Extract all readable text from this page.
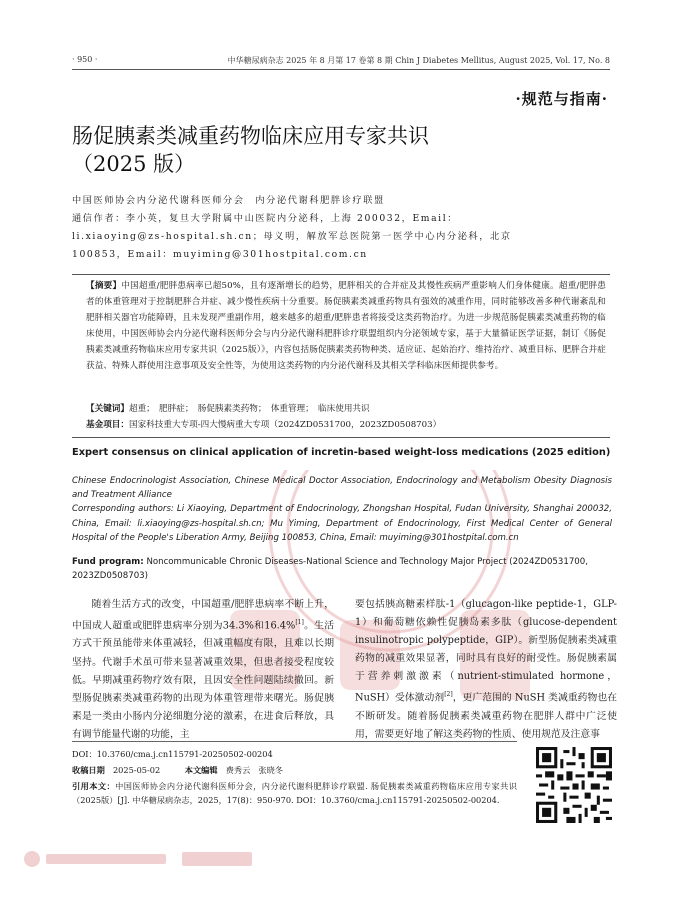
· 950 ·	中华糖尿病杂志 2025 年 8 月第 17 卷第 8 期 Chin J Diabetes Mellitus, August 2025, Vol. 17, No. 8
·规范与指南·
肠促胰素类减重药物临床应用专家共识
（2025 版）
中国医师协会内分泌代谢科医师分会　内分泌代谢科肥胖诊疗联盟
通信作者：李小英，复旦大学附属中山医院内分泌科，上海 200032，Email：
li.xiaoying@zs-hospital.sh.cn；母义明，解放军总医院第一医学中心内分泌科，北京
100853，Email：muyiming@301hostpital.com.cn
【摘要】中国超重/肥胖患病率已超50%，且有逐渐增长的趋势，肥胖相关的合并症及其慢性疾病严重影响人们身体健康。超重/肥胖患者的体重管理对于控制肥胖合并症、减少慢性疾病十分重要。肠促胰素类减重药物具有强效的减重作用，同时能够改善多种代谢紊乱和肥胖相关器官功能障碍，且未发现严重副作用，越来越多的超重/肥胖患者将接受这类药物治疗。为进一步规范肠促胰素类减重药物的临床使用，中国医师协会内分泌代谢科医师分会与内分泌代谢科肥胖诊疗联盟组织内分泌领域专家，基于大量循证医学证据，制订《肠促胰素类减重药物临床应用专家共识（2025版）》，内容包括肠促胰素类药物种类、适应证、起始治疗、维持治疗、减重目标、肥胖合并症获益、特殊人群使用注意事项及安全性等，为使用这类药物的内分泌代谢科及其相关学科临床医师提供参考。
【关键词】超重；　肥胖症；　肠促胰素类药物；　体重管理；　临床使用共识
基金项目：国家科技重大专项-四大慢病重大专项（2024ZD0531700，2023ZD0508703）
Expert consensus on clinical application of incretin-based weight-loss medications (2025 edition)
Chinese Endocrinologist Association, Chinese Medical Doctor Association, Endocrinology and Metabolism Obesity Diagnosis and Treatment Alliance
Corresponding authors: Li Xiaoying, Department of Endocrinology, Zhongshan Hospital, Fudan University, Shanghai 200032, China, Email: li.xiaoying@zs-hospital.sh.cn; Mu Yiming, Department of Endocrinology, First Medical Center of General Hospital of the People's Liberation Army, Beijing 100853, China, Email: muyiming@301hostpital.com.cn
Fund program: Noncommunicable Chronic Diseases-National Science and Technology Major Project (2024ZD0531700, 2023ZD0508703)

随着生活方式的改变，中国超重/肥胖患病率不断上升，中国成人超重或肥胖患病率分别为34.3%和16.4%[1]。生活方式干预虽能带来体重减轻，但减重幅度有限，且难以长期坚持。代谢手术虽可带来显著减重效果，但患者接受程度较低。早期减重药物疗效有限，且因安全性问题陆续撤回。新型肠促胰素类减重药物的出现为体重管理带来曙光。肠促胰素是一类由小肠内分泌细胞分泌的激素，在进食后释放，具有调节能量代谢的功能，主

要包括胰高糖素样肽-1（glucagon-like peptide-1，GLP-1）和葡萄糖依赖性促胰岛素多肽（glucose-dependent insulinotropic polypeptide，GIP）。新型肠促胰素类减重药物的减重效果显著，同时具有良好的耐受性。肠促胰素属于营养刺激激素（nutrient-stimulated hormone，NuSH）受体激动剂[2]，更广范围的 NuSH 类减重药物也在不断研发。随着肠促胰素类减重药物在肥胖人群中广泛使用，需要更好地了解这类药物的性质、使用规范及注意事

DOI：10.3760/cma.j.cn115791-20250502-00204
收稿日期　 2025-05-02　　　	本文编辑　 费秀云　张晓冬
引用本文：中国医师协会内分泌代谢科医师分会，内分泌代谢科肥胖诊疗联盟. 肠促胰素类减重药物临床应用专家共识（2025版）[J]. 中华糖尿病杂志，2025，17(8)：950-970. DOI：10.3760/cma.j.cn115791-20250502-00204.
